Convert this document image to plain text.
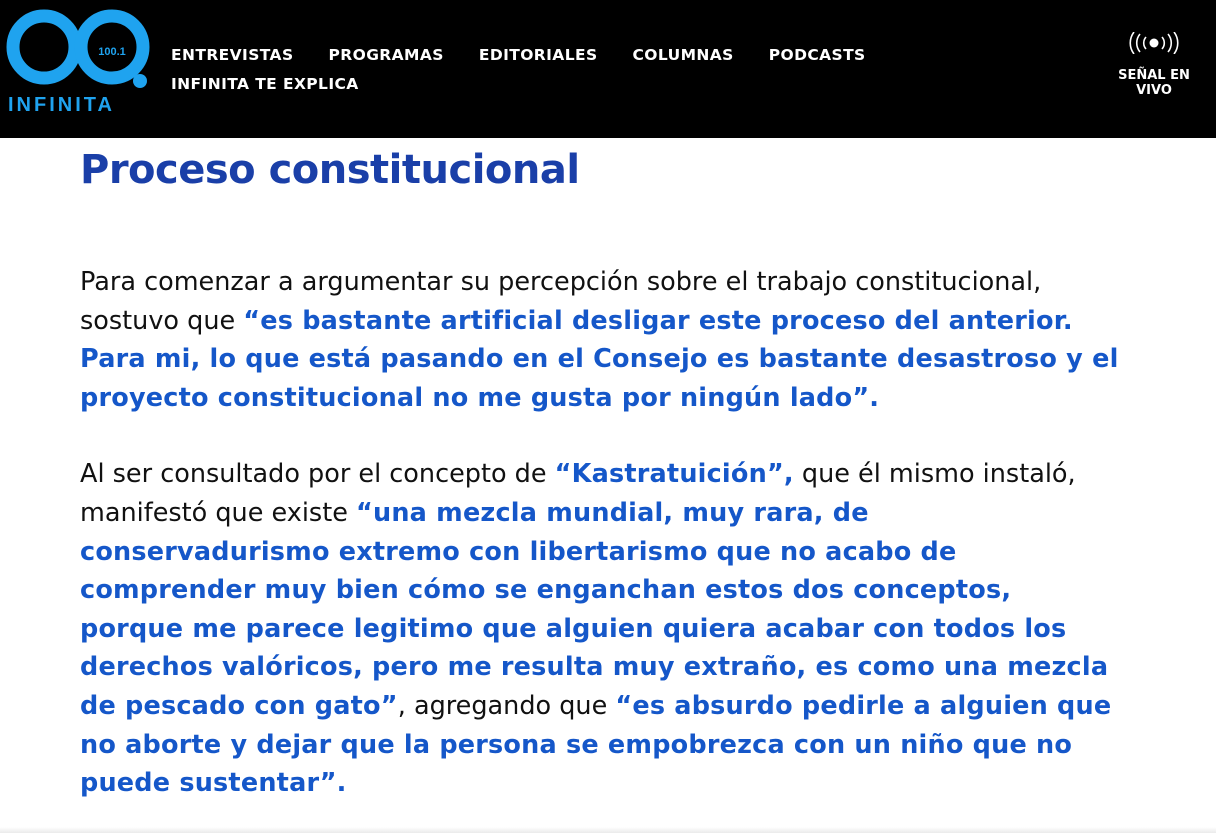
100.1
INFINITA
ENTREVISTAS PROGRAMAS EDITORIALES COLUMNAS PODCASTS
INFINITA TE EXPLICA	SEÑAL EN
VIVO
Proceso constitucional

Para comenzar a argumentar su percepción sobre el trabajo constitucional, sostuvo que “es bastante artificial desligar este proceso del anterior. Para mi, lo que está pasando en el Consejo es bastante desastroso y el proyecto constitucional no me gusta por ningún lado”.

Al ser consultado por el concepto de “Kastratuición”, que él mismo instaló, manifestó que existe “una mezcla mundial, muy rara, de conservadurismo extremo con libertarismo que no acabo de comprender muy bien cómo se enganchan estos dos conceptos, porque me parece legitimo que alguien quiera acabar con todos los derechos valóricos, pero me resulta muy extraño, es como una mezcla de pescado con gato”, agregando que “es absurdo pedirle a alguien que no aborte y dejar que la persona se empobrezca con un niño que no puede sustentar”.
